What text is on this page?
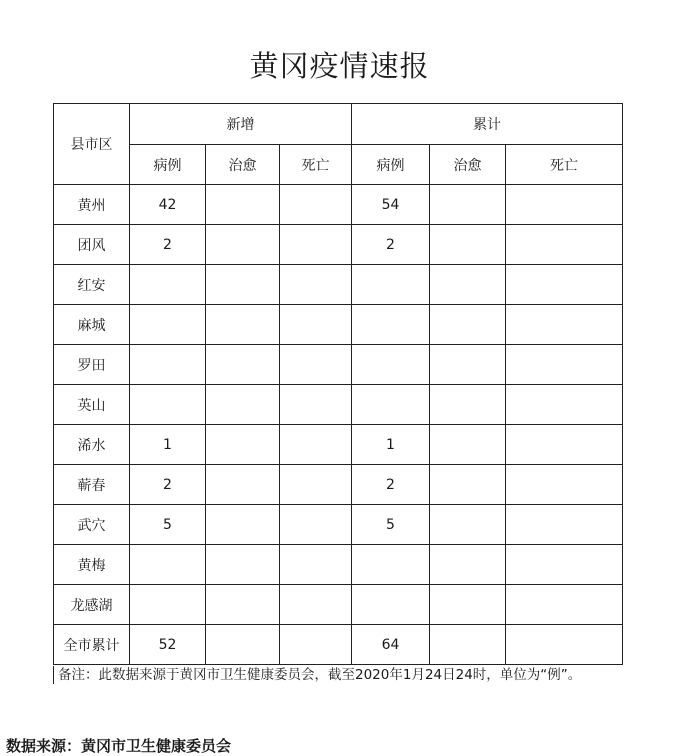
黄冈疫情速报
县市区	新增			累计		
	病例	治愈	死亡	病例	治愈	死亡
黄州	42			54		
团风	2			2		
红安						
麻城						
罗田						
英山						
浠水	1			1		
蕲春	2			2		
武穴	5			5		
黄梅						
龙感湖						
全市累计	52			64		
备注：此数据来源于黄冈市卫生健康委员会，截至2020年1月24日24时，单位为“例”。
数据来源：黄冈市卫生健康委员会
